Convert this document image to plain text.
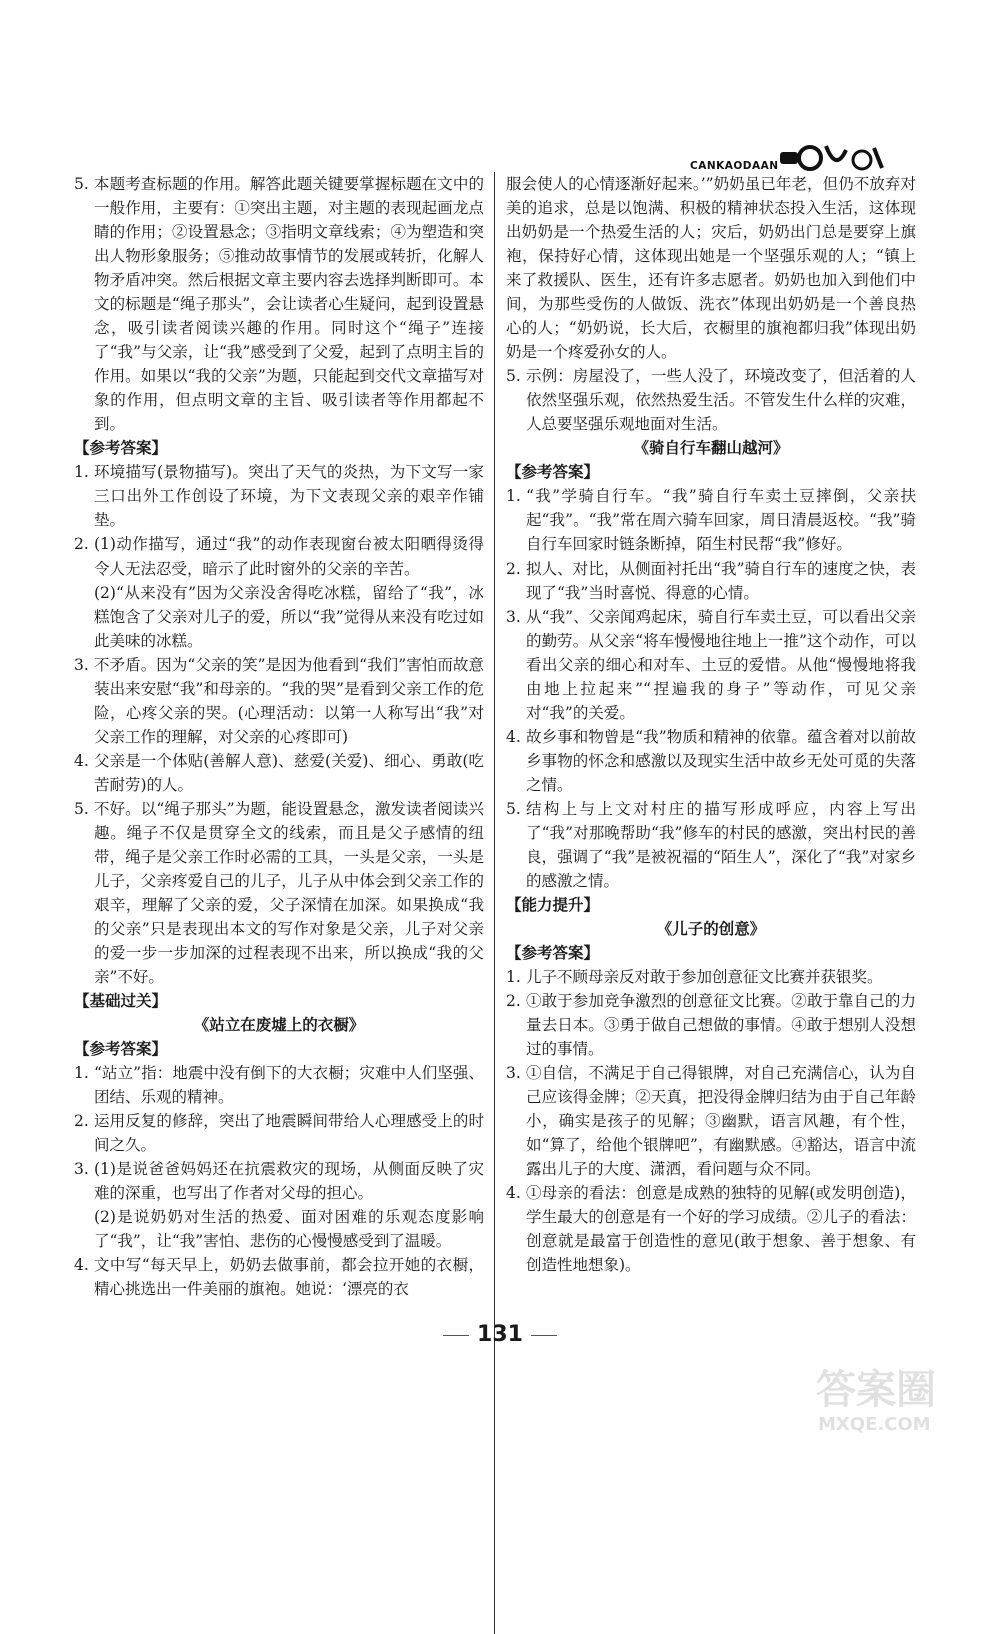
CANKAODAAN
5. 本题考查标题的作用。解答此题关键要掌握标题在文中的一般作用，主要有：①突出主题，对主题的表现起画龙点睛的作用；②设置悬念；③指明文章线索；④为塑造和突出人物形象服务；⑤推动故事情节的发展或转折，化解人物矛盾冲突。然后根据文章主要内容去选择判断即可。本文的标题是“绳子那头”，会让读者心生疑问，起到设置悬念，吸引读者阅读兴趣的作用。同时这个“绳子”连接了“我”与父亲，让“我”感受到了父爱，起到了点明主旨的作用。如果以“我的父亲”为题，只能起到交代文章描写对象的作用，但点明文章的主旨、吸引读者等作用都起不到。
【参考答案】
1. 环境描写(景物描写)。突出了天气的炎热，为下文写一家三口出外工作创设了环境，为下文表现父亲的艰辛作铺垫。
2. (1)动作描写，通过“我”的动作表现窗台被太阳晒得烫得令人无法忍受，暗示了此时窗外的父亲的辛苦。
(2)“从来没有”因为父亲没舍得吃冰糕，留给了“我”，冰糕饱含了父亲对儿子的爱，所以“我”觉得从来没有吃过如此美味的冰糕。
3. 不矛盾。因为“父亲的笑”是因为他看到“我们”害怕而故意装出来安慰“我”和母亲的。“我的哭”是看到父亲工作的危险，心疼父亲的哭。(心理活动：以第一人称写出“我”对父亲工作的理解，对父亲的心疼即可)
4. 父亲是一个体贴(善解人意)、慈爱(关爱)、细心、勇敢(吃苦耐劳)的人。
5. 不好。以“绳子那头”为题，能设置悬念，激发读者阅读兴趣。绳子不仅是贯穿全文的线索，而且是父子感情的纽带，绳子是父亲工作时必需的工具，一头是父亲，一头是儿子，父亲疼爱自己的儿子，儿子从中体会到父亲工作的艰辛，理解了父亲的爱，父子深情在加深。如果换成“我的父亲”只是表现出本文的写作对象是父亲，儿子对父亲的爱一步一步加深的过程表现不出来，所以换成“我的父亲”不好。
【基础过关】
《站立在废墟上的衣橱》
【参考答案】
1. “站立”指：地震中没有倒下的大衣橱；灾难中人们坚强、团结、乐观的精神。
2. 运用反复的修辞，突出了地震瞬间带给人心理感受上的时间之久。
3. (1)是说爸爸妈妈还在抗震救灾的现场，从侧面反映了灾难的深重，也写出了作者对父母的担心。
(2)是说奶奶对生活的热爱、面对困难的乐观态度影响了“我”，让“我”害怕、悲伤的心慢慢感受到了温暖。
4. 文中写“每天早上，奶奶去做事前，都会拉开她的衣橱，精心挑选出一件美丽的旗袍。她说：‘漂亮的衣
服会使人的心情逐渐好起来。’”奶奶虽已年老，但仍不放弃对美的追求，总是以饱满、积极的精神状态投入生活，这体现出奶奶是一个热爱生活的人；灾后，奶奶出门总是要穿上旗袍，保持好心情，这体现出她是一个坚强乐观的人；“镇上来了救援队、医生，还有许多志愿者。奶奶也加入到他们中间，为那些受伤的人做饭、洗衣”体现出奶奶是一个善良热心的人；“奶奶说，长大后，衣橱里的旗袍都归我”体现出奶奶是一个疼爱孙女的人。
5. 示例：房屋没了，一些人没了，环境改变了，但活着的人依然坚强乐观，依然热爱生活。不管发生什么样的灾难，人总要坚强乐观地面对生活。
《骑自行车翻山越河》
【参考答案】
1. “我”学骑自行车。“我”骑自行车卖土豆摔倒，父亲扶起“我”。“我”常在周六骑车回家，周日清晨返校。“我”骑自行车回家时链条断掉，陌生村民帮“我”修好。
2. 拟人、对比，从侧面衬托出“我”骑自行车的速度之快，表现了“我”当时喜悦、得意的心情。
3. 从“我”、父亲闻鸡起床，骑自行车卖土豆，可以看出父亲的勤劳。从父亲“将车慢慢地往地上一推”这个动作，可以看出父亲的细心和对车、土豆的爱惜。从他“慢慢地将我由地上拉起来”“捏遍我的身子”等动作，可见父亲对“我”的关爱。
4. 故乡事和物曾是“我”物质和精神的依靠。蕴含着对以前故乡事物的怀念和感激以及现实生活中故乡无处可觅的失落之情。
5. 结构上与上文对村庄的描写形成呼应，内容上写出了“我”对那晚帮助“我”修车的村民的感激，突出村民的善良，强调了“我”是被祝福的“陌生人”，深化了“我”对家乡的感激之情。
【能力提升】
《儿子的创意》
【参考答案】
1. 儿子不顾母亲反对敢于参加创意征文比赛并获银奖。
2. ①敢于参加竞争激烈的创意征文比赛。②敢于靠自己的力量去日本。③勇于做自己想做的事情。④敢于想别人没想过的事情。
3. ①自信，不满足于自己得银牌，对自己充满信心，认为自己应该得金牌；②天真，把没得金牌归结为由于自己年龄小，确实是孩子的见解；③幽默，语言风趣，有个性，如“算了，给他个银牌吧”，有幽默感。④豁达，语言中流露出儿子的大度、潇洒，看问题与众不同。
4. ①母亲的看法：创意是成熟的独特的见解(或发明创造)，学生最大的创意是有一个好的学习成绩。②儿子的看法：创意就是最富于创造性的意见(敢于想象、善于想象、有创造性地想象)。
131
答案圈
MXQE.COM
